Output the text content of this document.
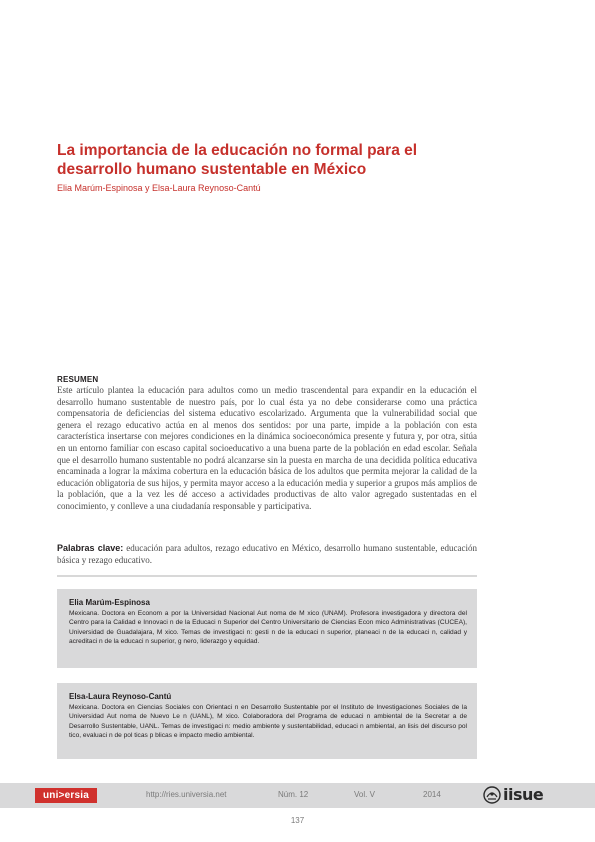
La importancia de la educación no formal para el desarrollo humano sustentable en México
Elia Marúm-Espinosa y Elsa-Laura Reynoso-Cantú
RESUMEN

Este artículo plantea la educación para adultos como un medio trascendental para expandir en la educación el desarrollo humano sustentable de nuestro país, por lo cual ésta ya no debe considerarse como una práctica compensatoria de deficiencias del sistema educativo escolarizado. Argumenta que la vulnerabilidad social que genera el rezago educativo actúa en al menos dos sentidos: por una parte, impide a la población con esta característica insertarse con mejores condiciones en la dinámica socioeconómica presente y futura y, por otra, sitúa en un entorno familiar con escaso capital socioeducativo a una buena parte de la población en edad escolar. Señala que el desarrollo humano sustentable no podrá alcanzarse sin la puesta en marcha de una decidida política educativa encaminada a lograr la máxima cobertura en la educación básica de los adultos que permita mejorar la calidad de la educación obligatoria de sus hijos, y permita mayor acceso a la educación media y superior a grupos más amplios de la población, que a la vez les dé acceso a actividades productivas de alto valor agregado sustentadas en el conocimiento, y conlleve a una ciudadanía responsable y participativa.

Palabras clave: educación para adultos, rezago educativo en México, desarrollo humano sustentable, educación básica y rezago educativo.

Elia Marúm-Espinosa

Mexicana. Doctora en Econom a por la Universidad Nacional Aut noma de M xico (UNAM). Profesora investigadora y directora del Centro para la Calidad e Innovaci n de la Educaci n Superior del Centro Universitario de Ciencias Econ mico Administrativas (CUCEA), Universidad de Guadalajara, M xico. Temas de investigaci n: gesti n de la educaci n superior, planeaci n de la educaci n, calidad y acreditaci n de la educaci n superior, g nero, liderazgo y equidad.

Elsa-Laura Reynoso-Cantú

Mexicana. Doctora en Ciencias Sociales con Orientaci n en Desarrollo Sustentable por el Instituto de Investigaciones Sociales de la Universidad Aut noma de Nuevo Le n (UANL), M xico. Colaboradora del Programa de educaci n ambiental de la Secretar a de Desarrollo Sustentable, UANL. Temas de investigaci n: medio ambiente y sustentabilidad, educaci n ambiental, an lisis del discurso pol tico, evaluaci n de pol ticas p blicas e impacto medio ambiental.

uni>ersia	http://ries.universia.net	Núm. 12	Vol. V	2014	iisue
137
